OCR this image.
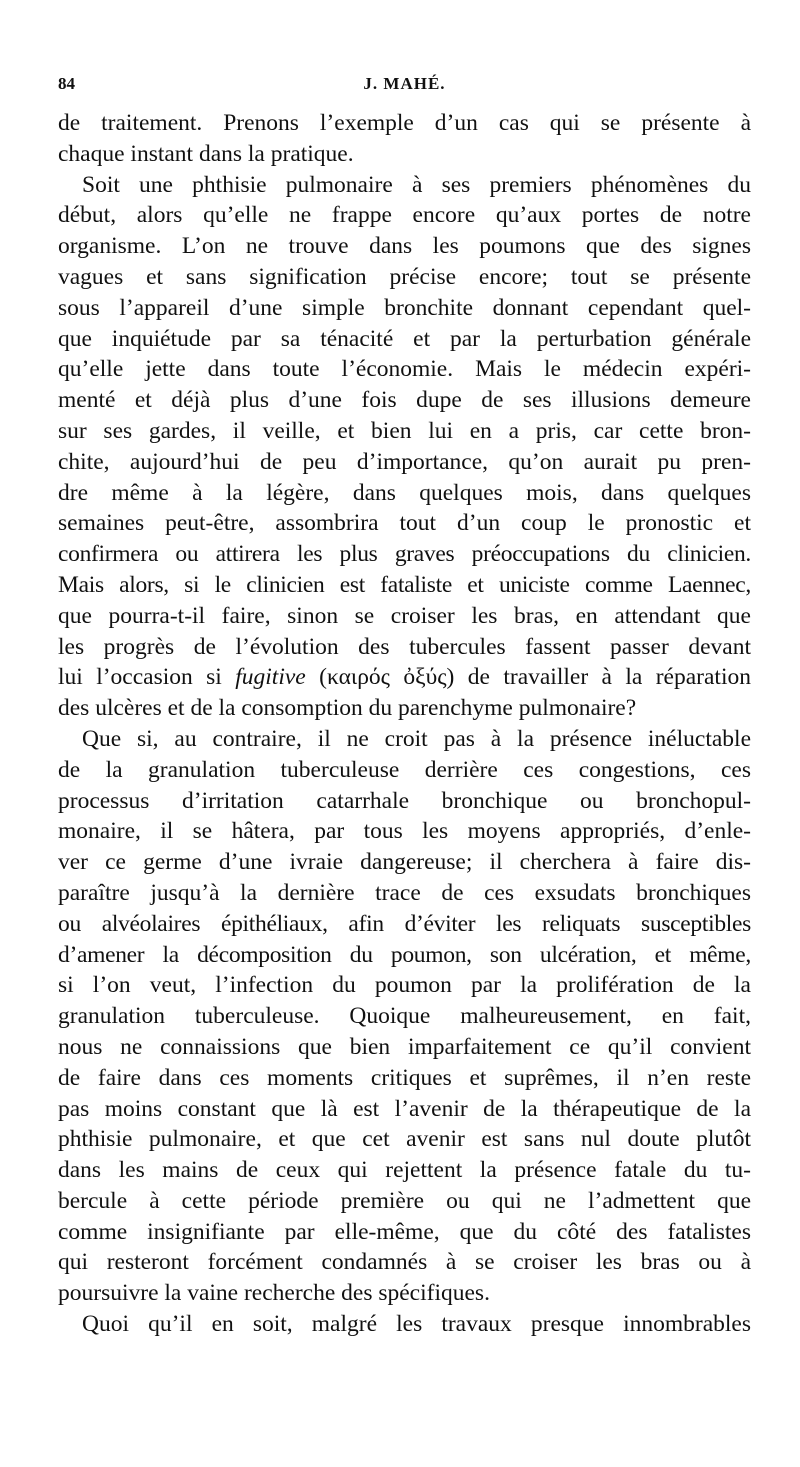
84	J. MAHÉ.
de traitement. Prenons l’exemple d’un cas qui se présente à
chaque instant dans la pratique.
Soit une phthisie pulmonaire à ses premiers phénomènes du
début, alors qu’elle ne frappe encore qu’aux portes de notre
organisme. L’on ne trouve dans les poumons que des signes
vagues et sans signification précise encore; tout se présente
sous l’appareil d’une simple bronchite donnant cependant quel-
que inquiétude par sa ténacité et par la perturbation générale
qu’elle jette dans toute l’économie. Mais le médecin expéri-
menté et déjà plus d’une fois dupe de ses illusions demeure
sur ses gardes, il veille, et bien lui en a pris, car cette bron-
chite, aujourd’hui de peu d’importance, qu’on aurait pu pren-
dre même à la légère, dans quelques mois, dans quelques
semaines peut-être, assombrira tout d’un coup le pronostic et
confirmera ou attirera les plus graves préoccupations du clinicien.
Mais alors, si le clinicien est fataliste et uniciste comme Laennec,
que pourra-t-il faire, sinon se croiser les bras, en attendant que
les progrès de l’évolution des tubercules fassent passer devant
lui l’occasion si fugitive (καιρός ὀξύς) de travailler à la réparation
des ulcères et de la consomption du parenchyme pulmonaire?
Que si, au contraire, il ne croit pas à la présence inéluctable
de la granulation tuberculeuse derrière ces congestions, ces
processus d’irritation catarrhale bronchique ou bronchopul-
monaire, il se hâtera, par tous les moyens appropriés, d’enle-
ver ce germe d’une ivraie dangereuse; il cherchera à faire dis-
paraître jusqu’à la dernière trace de ces exsudats bronchiques
ou alvéolaires épithéliaux, afin d’éviter les reliquats susceptibles
d’amener la décomposition du poumon, son ulcération, et même,
si l’on veut, l’infection du poumon par la prolifération de la
granulation tuberculeuse. Quoique malheureusement, en fait,
nous ne connaissions que bien imparfaitement ce qu’il convient
de faire dans ces moments critiques et suprêmes, il n’en reste
pas moins constant que là est l’avenir de la thérapeutique de la
phthisie pulmonaire, et que cet avenir est sans nul doute plutôt
dans les mains de ceux qui rejettent la présence fatale du tu-
bercule à cette période première ou qui ne l’admettent que
comme insignifiante par elle-même, que du côté des fatalistes
qui resteront forcément condamnés à se croiser les bras ou à
poursuivre la vaine recherche des spécifiques.
Quoi qu’il en soit, malgré les travaux presque innombrables
